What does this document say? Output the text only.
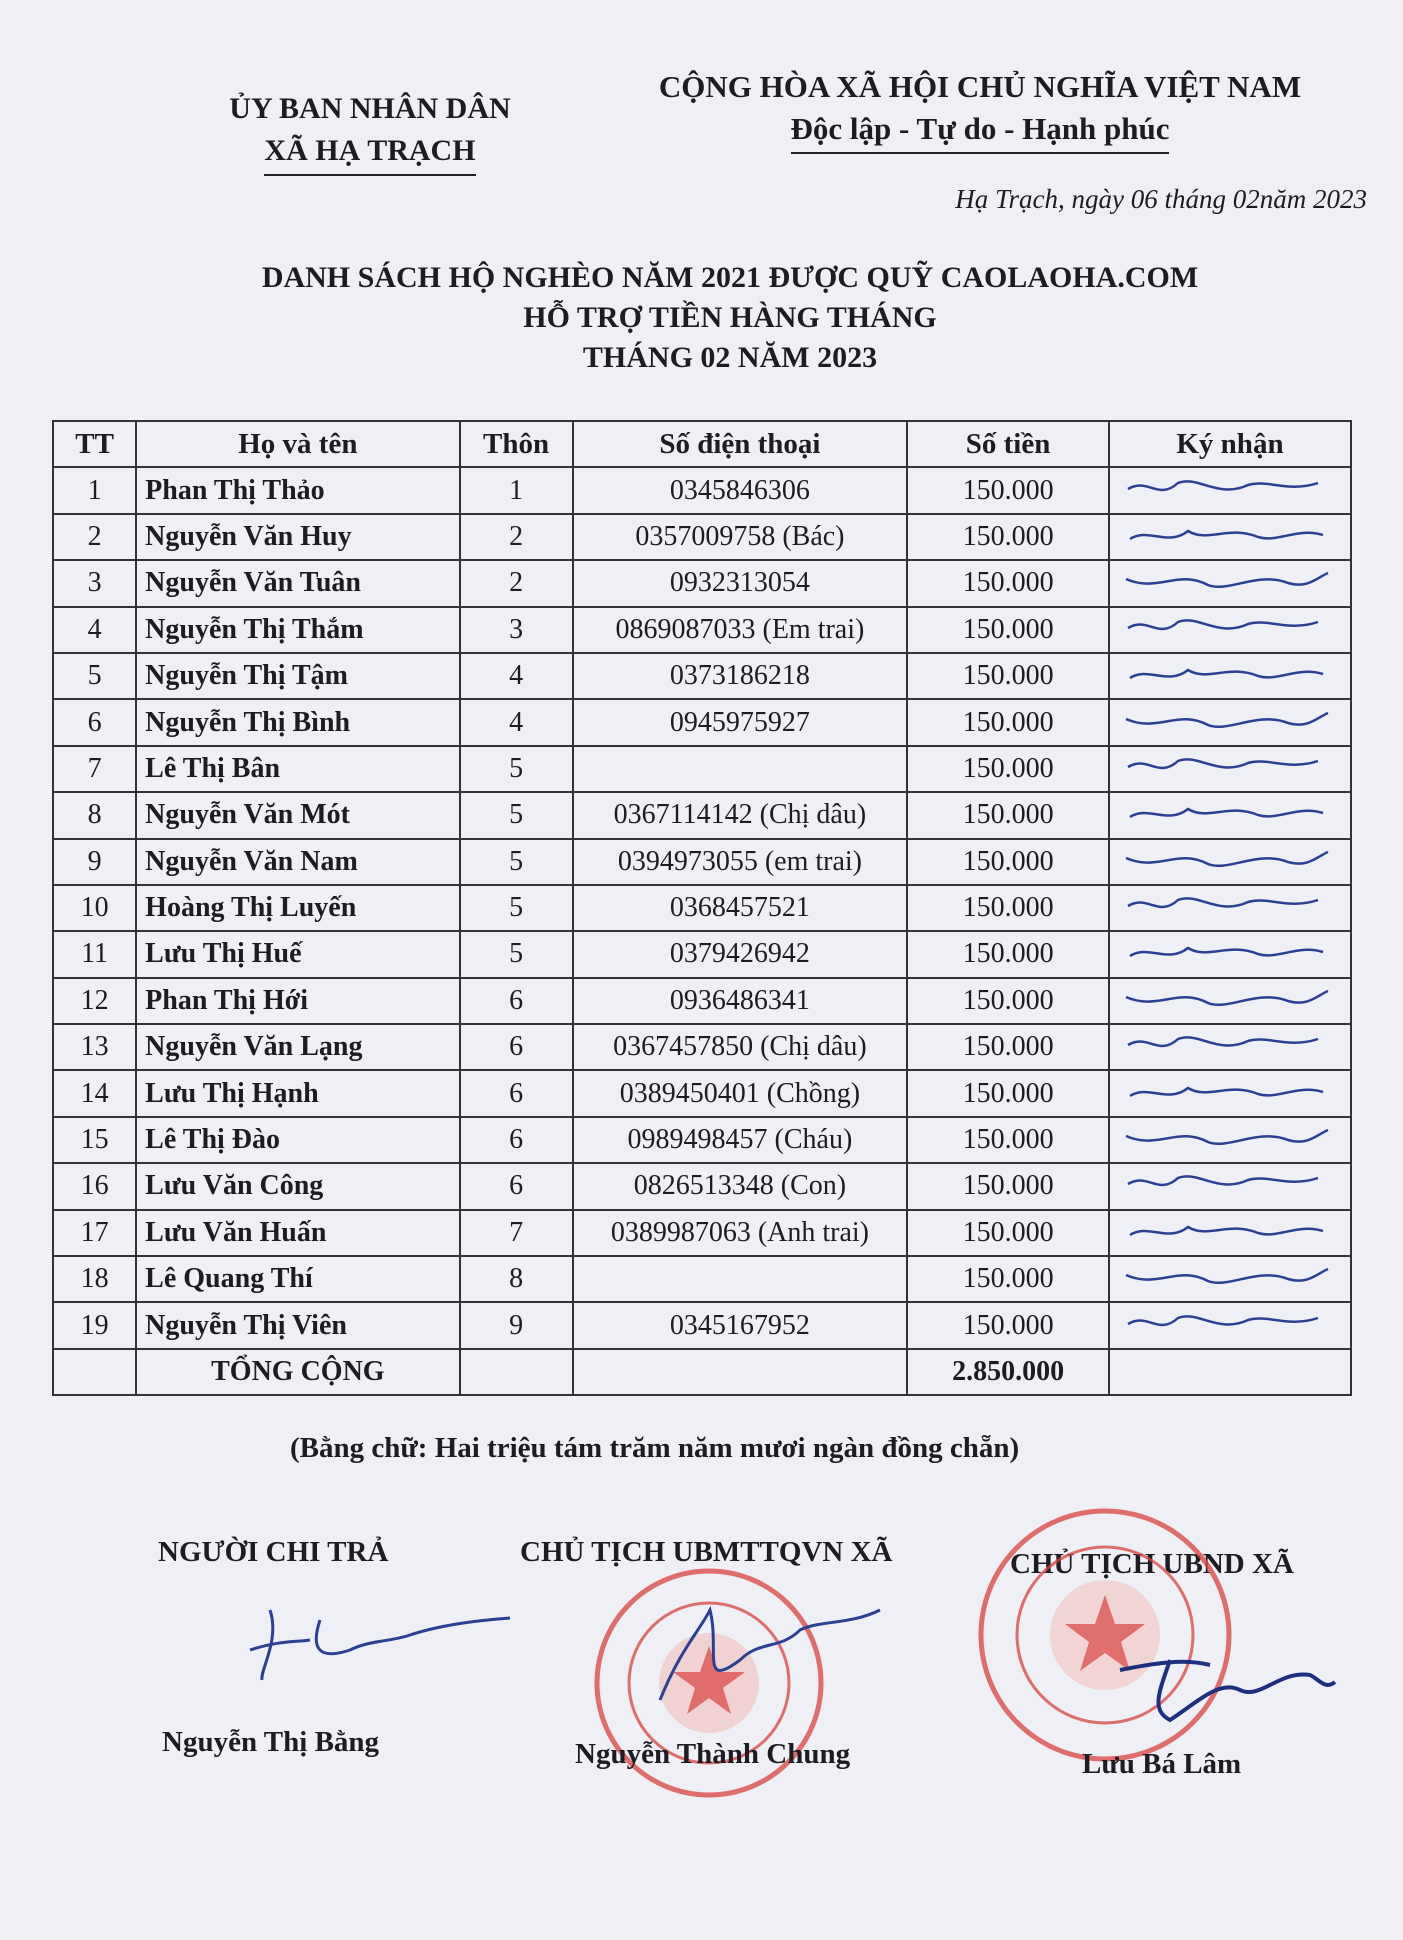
ỦY BAN NHÂN DÂN
XÃ HẠ TRẠCH
CỘNG HÒA XÃ HỘI CHỦ NGHĨA VIỆT NAM
Độc lập - Tự do - Hạnh phúc
Hạ Trạch, ngày 06 tháng 02năm 2023
DANH SÁCH HỘ NGHÈO NĂM 2021 ĐƯỢC QUỸ CAOLAOHA.COM
HỖ TRỢ TIỀN HÀNG THÁNG
THÁNG 02 NĂM 2023
TT	Họ và tên	Thôn	Số điện thoại	Số tiền	Ký nhận
1	Phan Thị Thảo	1	0345846306	150.000	

2	Nguyễn Văn Huy	2	0357009758 (Bác)	150.000	

3	Nguyễn Văn Tuân	2	0932313054	150.000	

4	Nguyễn Thị Thắm	3	0869087033 (Em trai)	150.000	

5	Nguyễn Thị Tậm	4	0373186218	150.000	

6	Nguyễn Thị Bình	4	0945975927	150.000	

7	Lê Thị Bân	5		150.000	

8	Nguyễn Văn Mót	5	0367114142 (Chị dâu)	150.000	

9	Nguyễn Văn Nam	5	0394973055 (em trai)	150.000	

10	Hoàng Thị Luyến	5	0368457521	150.000	

11	Lưu Thị Huế	5	0379426942	150.000	

12	Phan Thị Hới	6	0936486341	150.000	

13	Nguyễn Văn Lạng	6	0367457850 (Chị dâu)	150.000	

14	Lưu Thị Hạnh	6	0389450401 (Chồng)	150.000	

15	Lê Thị Đào	6	0989498457 (Cháu)	150.000	

16	Lưu Văn Công	6	0826513348 (Con)	150.000	

17	Lưu Văn Huấn	7	0389987063 (Anh trai)	150.000	

18	Lê Quang Thí	8		150.000	

19	Nguyễn Thị Viên	9	0345167952	150.000	

	TỔNG CỘNG			2.850.000	
(Bằng chữ: Hai triệu tám trăm năm mươi ngàn đồng chẵn)
NGƯỜI CHI TRẢ	CHỦ TỊCH UBMTTQVN XÃ	CHỦ TỊCH UBND XÃ
Nguyễn Thị Bằng	Nguyễn Thành Chung	Lưu Bá Lâm
